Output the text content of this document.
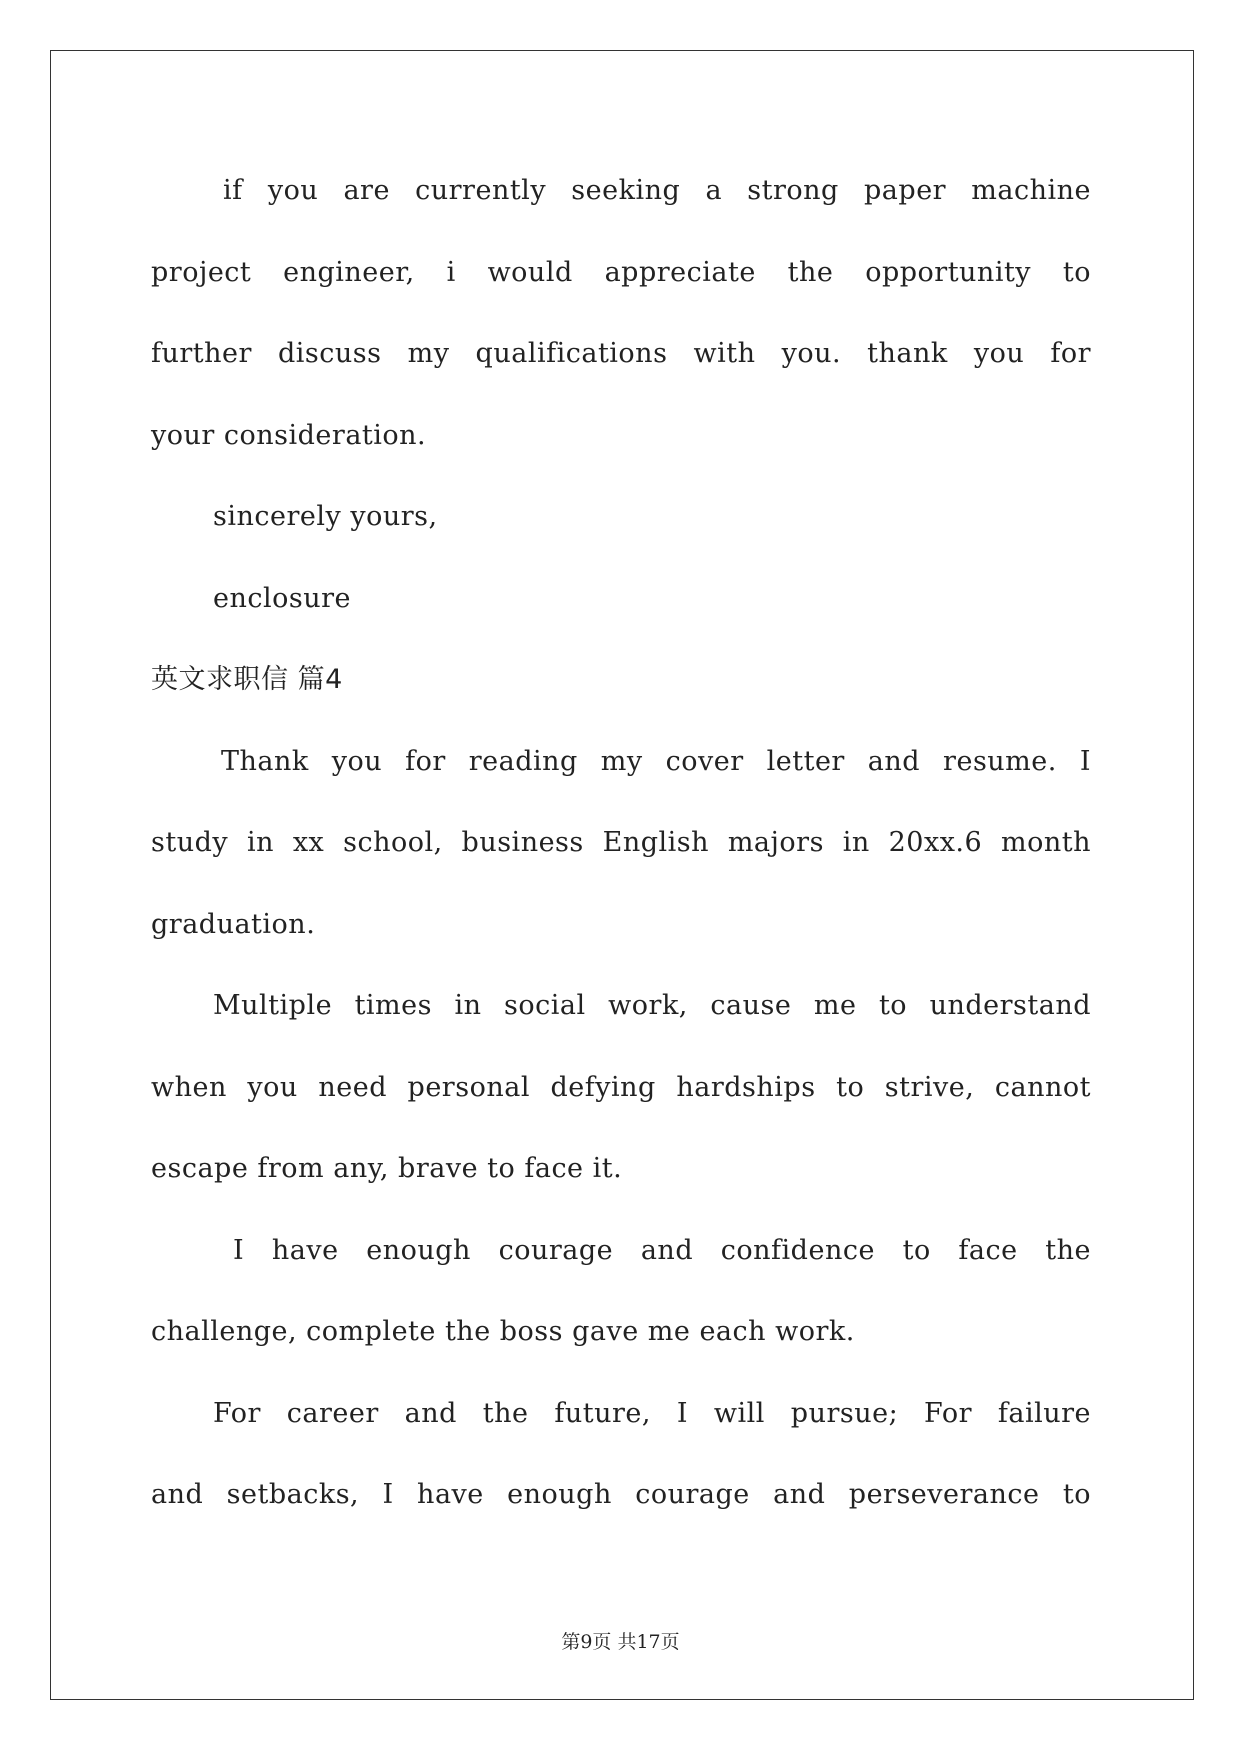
if you are currently seeking a strong paper machine
project engineer, i would appreciate the opportunity to
further discuss my qualifications with you. thank you for
your consideration.
sincerely yours,
enclosure
英文求职信 篇4
Thank you for reading my cover letter and resume. I
study in xx school, business English majors in 20xx.6 month
graduation.
Multiple times in social work, cause me to understand
when you need personal defying hardships to strive, cannot
escape from any, brave to face it.
I have enough courage and confidence to face the
challenge, complete the boss gave me each work.
For career and the future, I will pursue; For failure
and setbacks, I have enough courage and perseverance to
第9页 共17页
